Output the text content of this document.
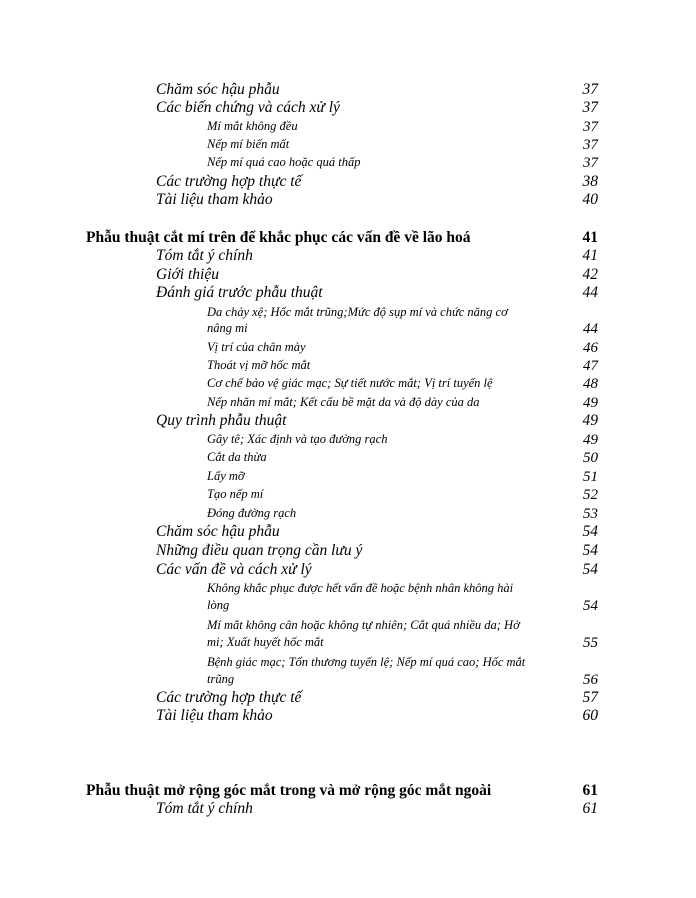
Chăm sóc hậu phẫu	37
Các biến chứng và cách xử lý	37
Mí mắt không đều	37
Nếp mí biến mất	37
Nếp mí quá cao hoặc quá thấp	37
Các trường hợp thực tế	38
Tài liệu tham khảo	40
Phẫu thuật cắt mí trên để khắc phục các vấn đề về lão hoá	41
Tóm tắt ý chính	41
Giới thiệu	42
Đánh giá trước phẫu thuật	44
Da chảy xệ; Hốc mắt trũng;Mức độ sụp mí và chức năng cơ
nâng mi	44
Vị trí của chân mày	46
Thoát vị mỡ hốc mắt	47
Cơ chế bảo vệ giác mạc; Sự tiết nước mắt; Vị trí tuyến lệ	48
Nếp nhăn mí mắt; Kết cấu bề mặt da và độ dày của da	49
Quy trình phẫu thuật	49
Gây tê; Xác định và tạo đường rạch	49
Cắt da thừa	50
Lấy mỡ	51
Tạo nếp mí	52
Đóng đường rạch	53
Chăm sóc hậu phẫu	54
Những điều quan trọng cần lưu ý	54
Các vấn đề và cách xử lý	54
Không khắc phục được hết vấn đề hoặc bệnh nhân không hài
lòng	54
Mí mắt không cân hoặc không tự nhiên; Cắt quá nhiều da; Hở
mi; Xuất huyết hốc mắt	55
Bệnh giác mạc; Tổn thương tuyến lệ; Nếp mí quá cao; Hốc mắt
trũng	56
Các trường hợp thực tế	57
Tài liệu tham khảo	60
Phẫu thuật mở rộng góc mắt trong và mở rộng góc mắt ngoài	61
Tóm tắt ý chính	61
